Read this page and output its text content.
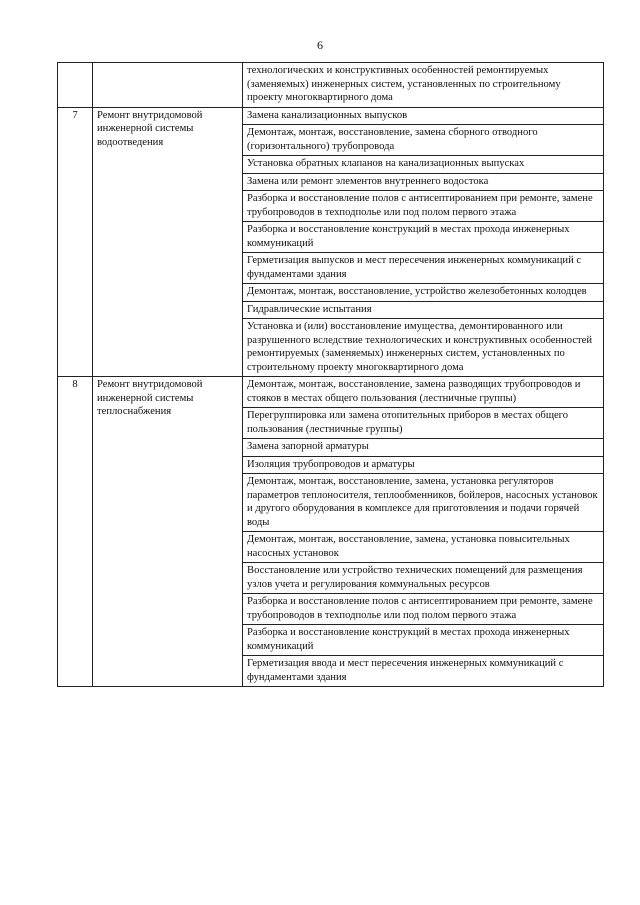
6
		технологических и конструктивных особенностей ремонтируемых (заменяемых) инженерных систем, установленных по строительному проекту многоквартирного дома
7	Ремонт внутридомовой инженерной системы водоотведения	Замена канализационных выпусков
		Демонтаж, монтаж, восстановление, замена сборного отводного (горизонтального) трубопровода
		Установка обратных клапанов на канализационных выпусках
		Замена или ремонт элементов внутреннего водостока
		Разборка и восстановление полов с антисептированием при ремонте, замене трубопроводов в техподполье или под полом первого этажа
		Разборка и восстановление конструкций в местах прохода инженерных коммуникаций
		Герметизация выпусков и мест пересечения инженерных коммуникаций с фундаментами здания
		Демонтаж, монтаж, восстановление, устройство железобетонных колодцев
		Гидравлические испытания
		Установка и (или) восстановление имущества, демонтированного или разрушенного вследствие технологических и конструктивных особенностей ремонтируемых (заменяемых) инженерных систем, установленных по строительному проекту многоквартирного дома
8	Ремонт внутридомовой инженерной системы теплоснабжения	Демонтаж, монтаж, восстановление, замена разводящих трубопроводов и стояков в местах общего пользования (лестничные группы)
		Перегруппировка или замена отопительных приборов в местах общего пользования (лестничные группы)
		Замена запорной арматуры
		Изоляция трубопроводов и арматуры
		Демонтаж, монтаж, восстановление, замена, установка регуляторов параметров теплоносителя, теплообменников, бойлеров, насосных установок и другого оборудования в комплексе для приготовления и подачи горячей воды
		Демонтаж, монтаж, восстановление, замена, установка повысительных насосных установок
		Восстановление или устройство технических помещений для размещения узлов учета и регулирования коммунальных ресурсов
		Разборка и восстановление полов с антисептированием при ремонте, замене трубопроводов в техподполье или под полом первого этажа
		Разборка и восстановление конструкций в местах прохода инженерных коммуникаций
		Герметизация ввода и мест пересечения инженерных коммуникаций с фундаментами здания
